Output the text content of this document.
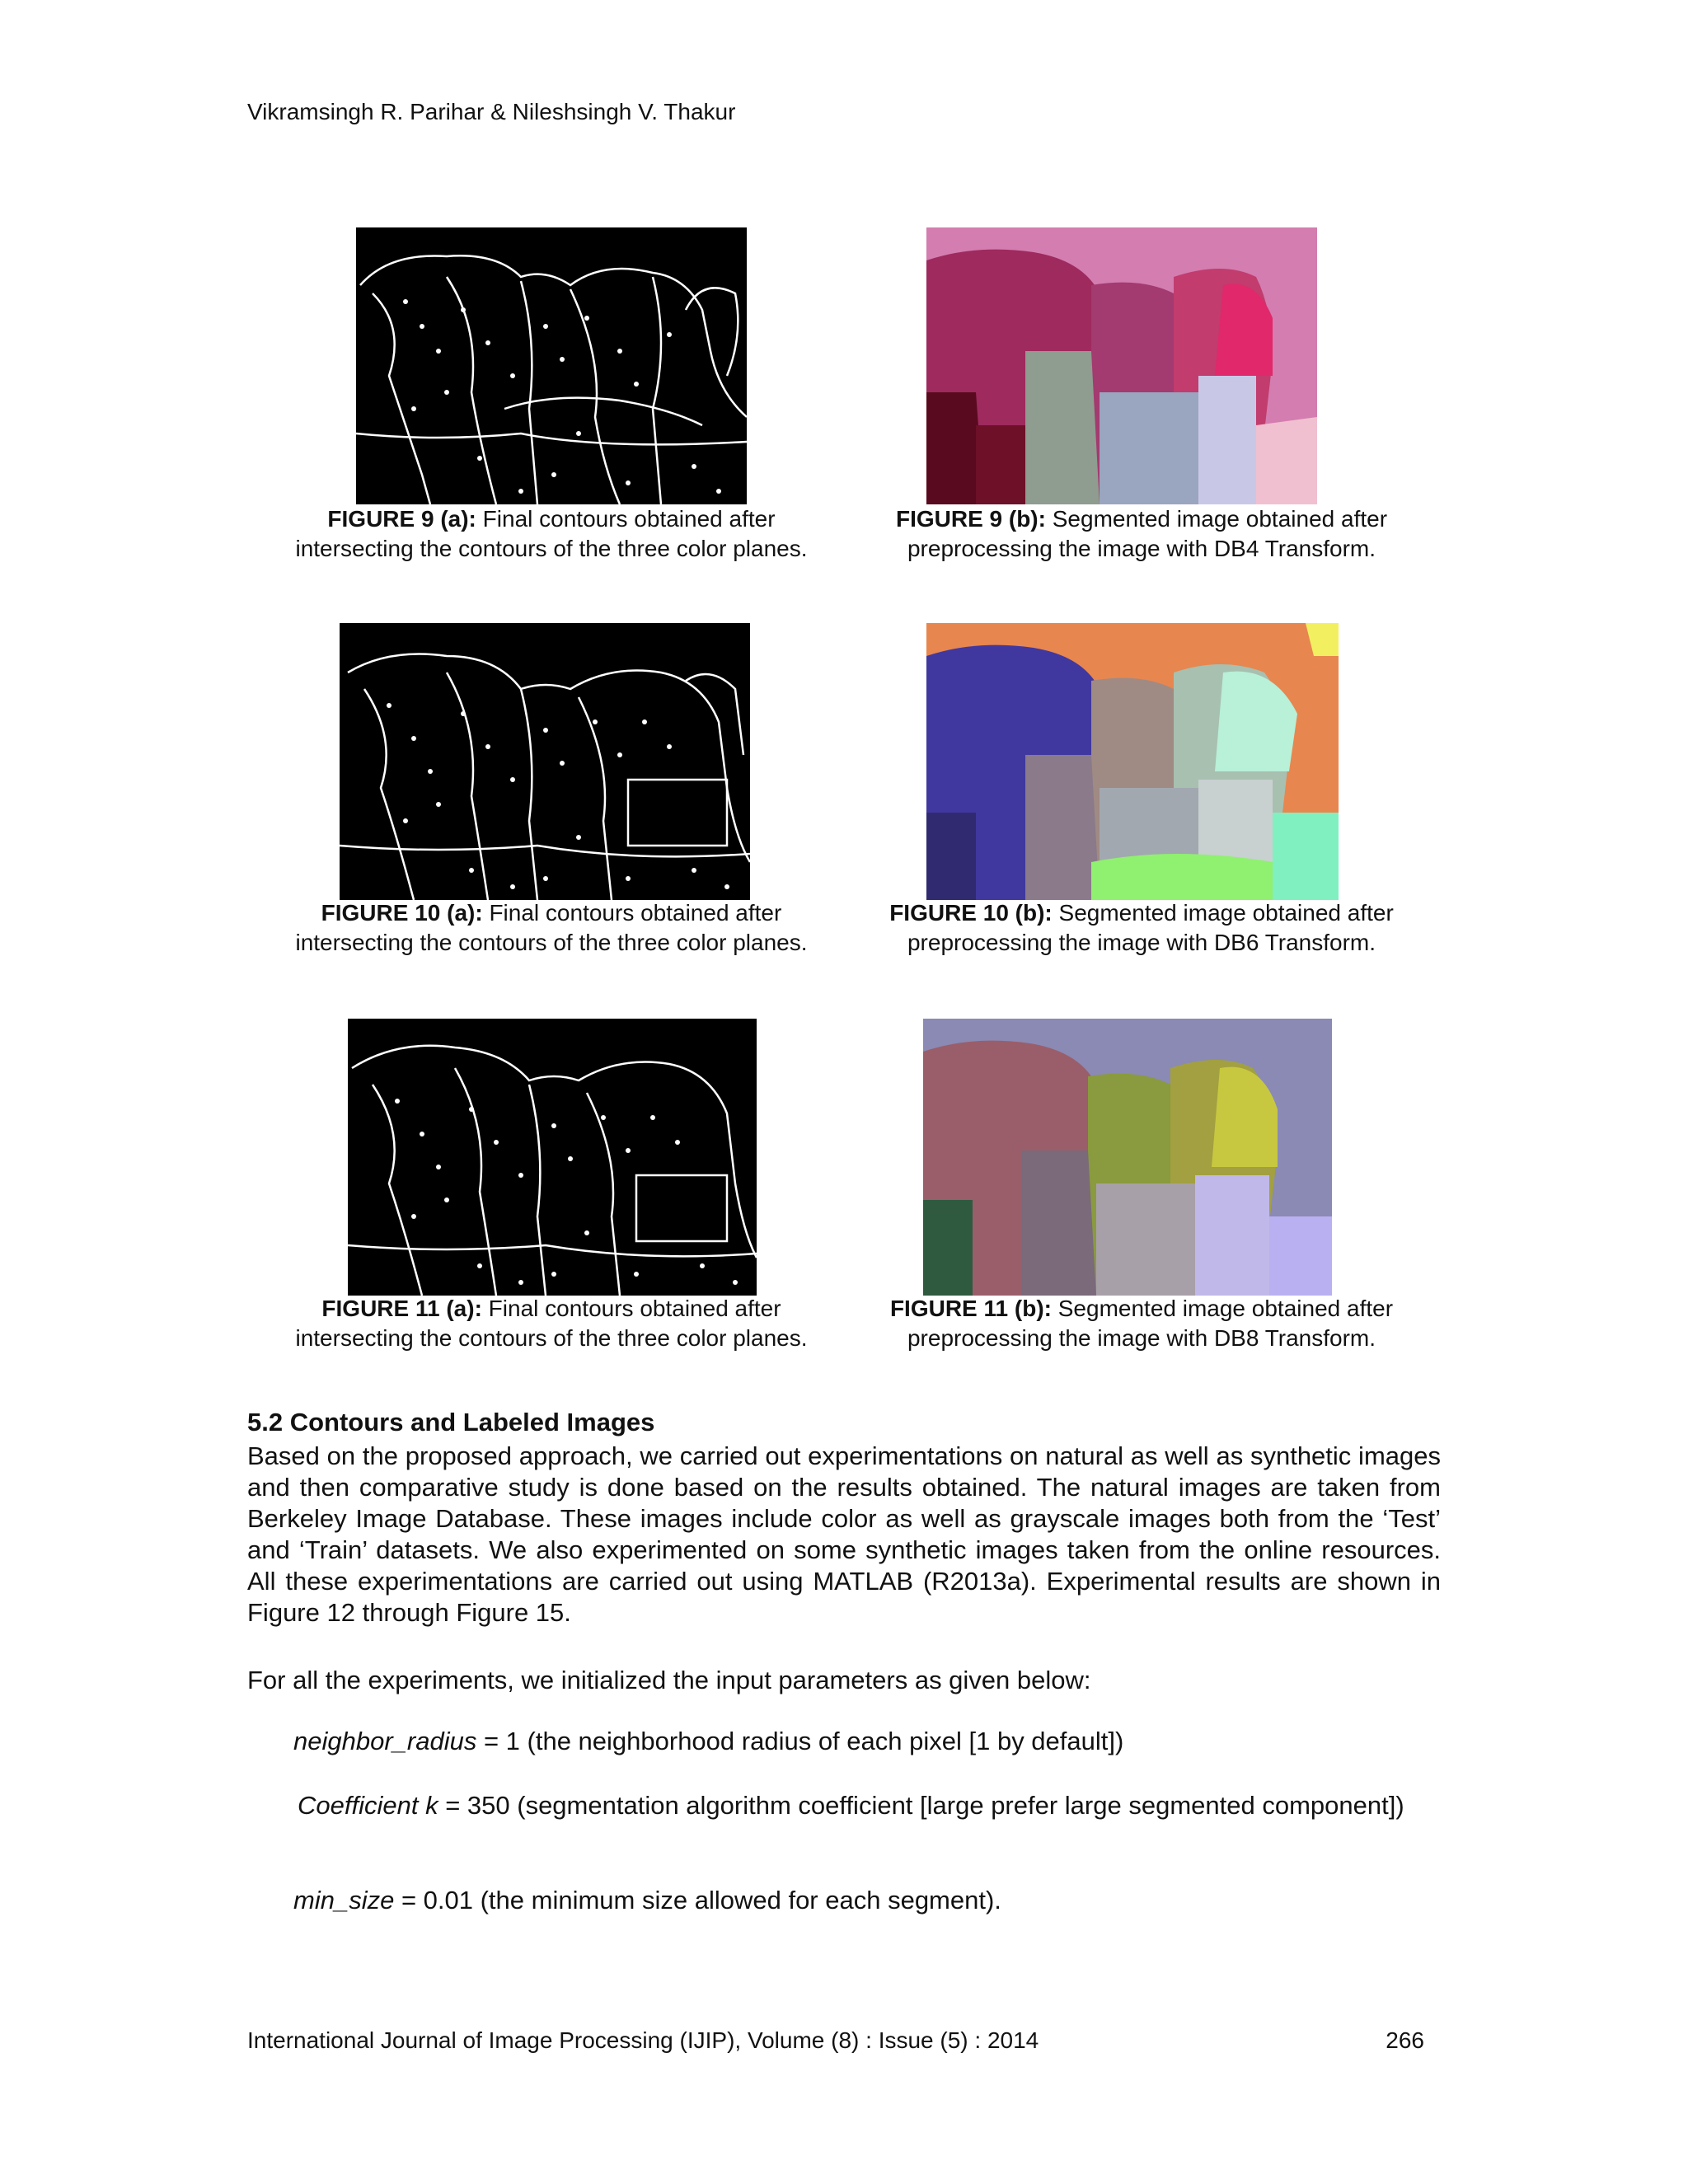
Vikramsingh R. Parihar & Nileshsingh V. Thakur
FIGURE 9 (a): Final contours obtained after
intersecting the contours of the three color planes.
FIGURE 9 (b): Segmented image obtained after
preprocessing the image with DB4 Transform.
FIGURE 10 (a): Final contours obtained after
intersecting the contours of the three color planes.
FIGURE 10 (b): Segmented image obtained after
preprocessing the image with DB6 Transform.
FIGURE 11 (a): Final contours obtained after
intersecting the contours of the three color planes.
FIGURE 11 (b): Segmented image obtained after
preprocessing the image with DB8 Transform.
5.2 Contours and Labeled Images

Based on the proposed approach, we carried out experimentations on natural as well as synthetic images and then comparative study is done based on the results obtained. The natural images are taken from Berkeley Image Database. These images include color as well as grayscale images both from the ‘Test’ and ‘Train’ datasets. We also experimented on some synthetic images taken from the online resources. All these experimentations are carried out using MATLAB (R2013a). Experimental results are shown in Figure 12 through Figure 15.

For all the experiments, we initialized the input parameters as given below:

neighbor_radius = 1 (the neighborhood radius of each pixel [1 by default])

Coefficient k = 350 (segmentation algorithm coefficient [large prefer large segmented component])

min_size = 0.01 (the minimum size allowed for each segment).

International Journal of Image Processing (IJIP), Volume (8) : Issue (5) : 2014	266
